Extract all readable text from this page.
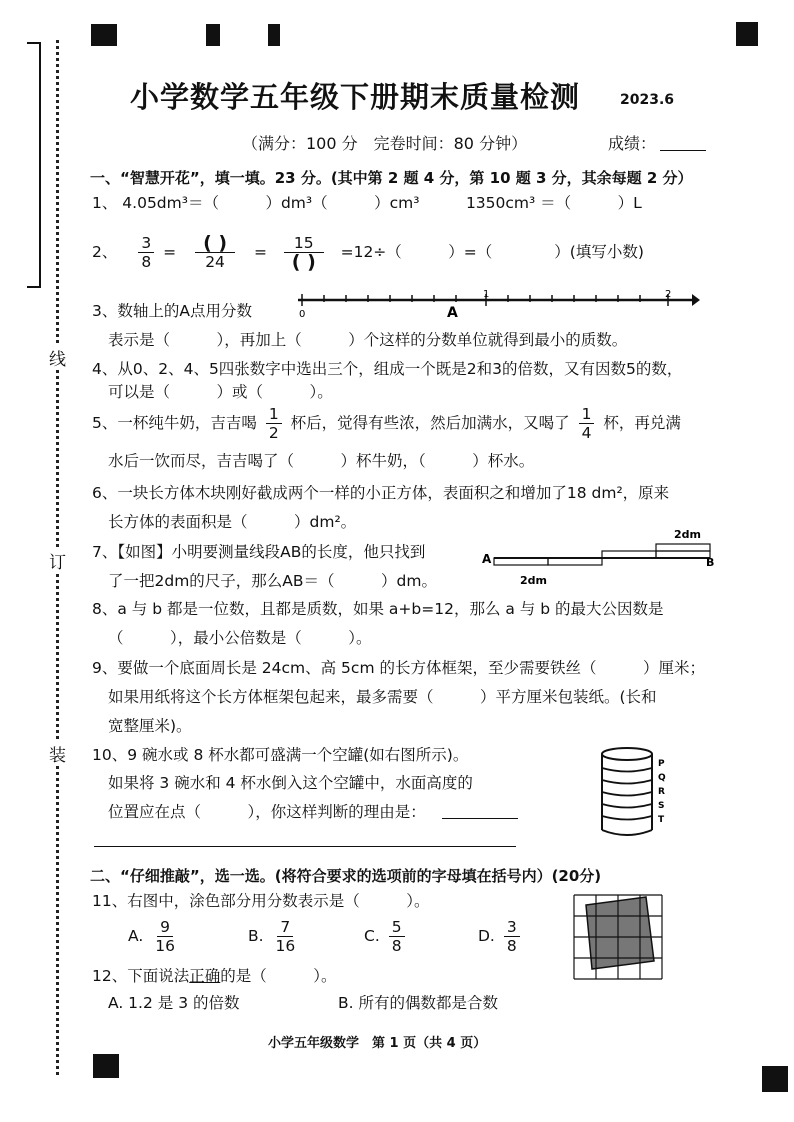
线
订
装
小学数学五年级下册期末质量检测	2023.6
（满分：100 分　完卷时间：80 分钟）	成绩：
一、“智慧开花”，填一填。23 分。(其中第 2 题 4 分，第 10 题 3 分，其余每题 2 分）
1、 4.05dm³＝（　　　）dm³（　　　）cm³　　　1350cm³ ＝（　　　）L
2、 $\frac{3}{8} = \frac{( )}{24} = \frac{15}{( )} =12\div$（　　　）=（　　　　）(填写小数)
3、数轴上的A点用分数	0
1	2
A
表示是（　　　），再加上（　　　）个这样的分数单位就得到最小的质数。
4、从0、2、4、5四张数字中选出三个，组成一个既是2和3的倍数，又有因数5的数，
可以是（　　　）或（　　　）。
5、一杯纯牛奶，吉吉喝 $\frac{1}{2}$ 杯后，觉得有些浓，然后加满水，又喝了 $\frac{1}{4}$ 杯，再兑满
水后一饮而尽，吉吉喝了（　　　）杯牛奶，（　　　）杯水。
6、一块长方体木块刚好截成两个一样的小正方体，表面积之和增加了18 dm²，原来
长方体的表面积是（　　　）dm²。
7、【如图】小明要测量线段AB的长度，他只找到
了一把2dm的尺子，那么AB＝（　　　）dm。
2dm
A	B
2dm
8、a 与 b 都是一位数，且都是质数，如果 a+b=12，那么 a 与 b 的最大公因数是
（　　　），最小公倍数是（　　　）。
9、要做一个底面周长是 24cm、高 5cm 的长方体框架，至少需要铁丝（　　　）厘米；
如果用纸将这个长方体框架包起来，最多需要（　　　）平方厘米包装纸。(长和
宽整厘米)。
10、9 碗水或 8 杯水都可盛满一个空罐(如右图所示)。
如果将 3 碗水和 4 杯水倒入这个空罐中，水面高度的
位置应在点（　　　），你这样判断的理由是：
P
Q
R
S
T
二、“仔细推敲”，选一选。(将符合要求的选项前的字母填在括号内）(20分)
11、右图中，涂色部分用分数表示是（　　　）。
A. $\frac{9}{16}$	B. $\frac{7}{16}$	C. $\frac{5}{8}$	D. $\frac{3}{8}$
12、下面说法正确的是（　　　）。
A. 1.2 是 3 的倍数	B. 所有的偶数都是合数
小学五年级数学　第 1 页（共 4 页）
